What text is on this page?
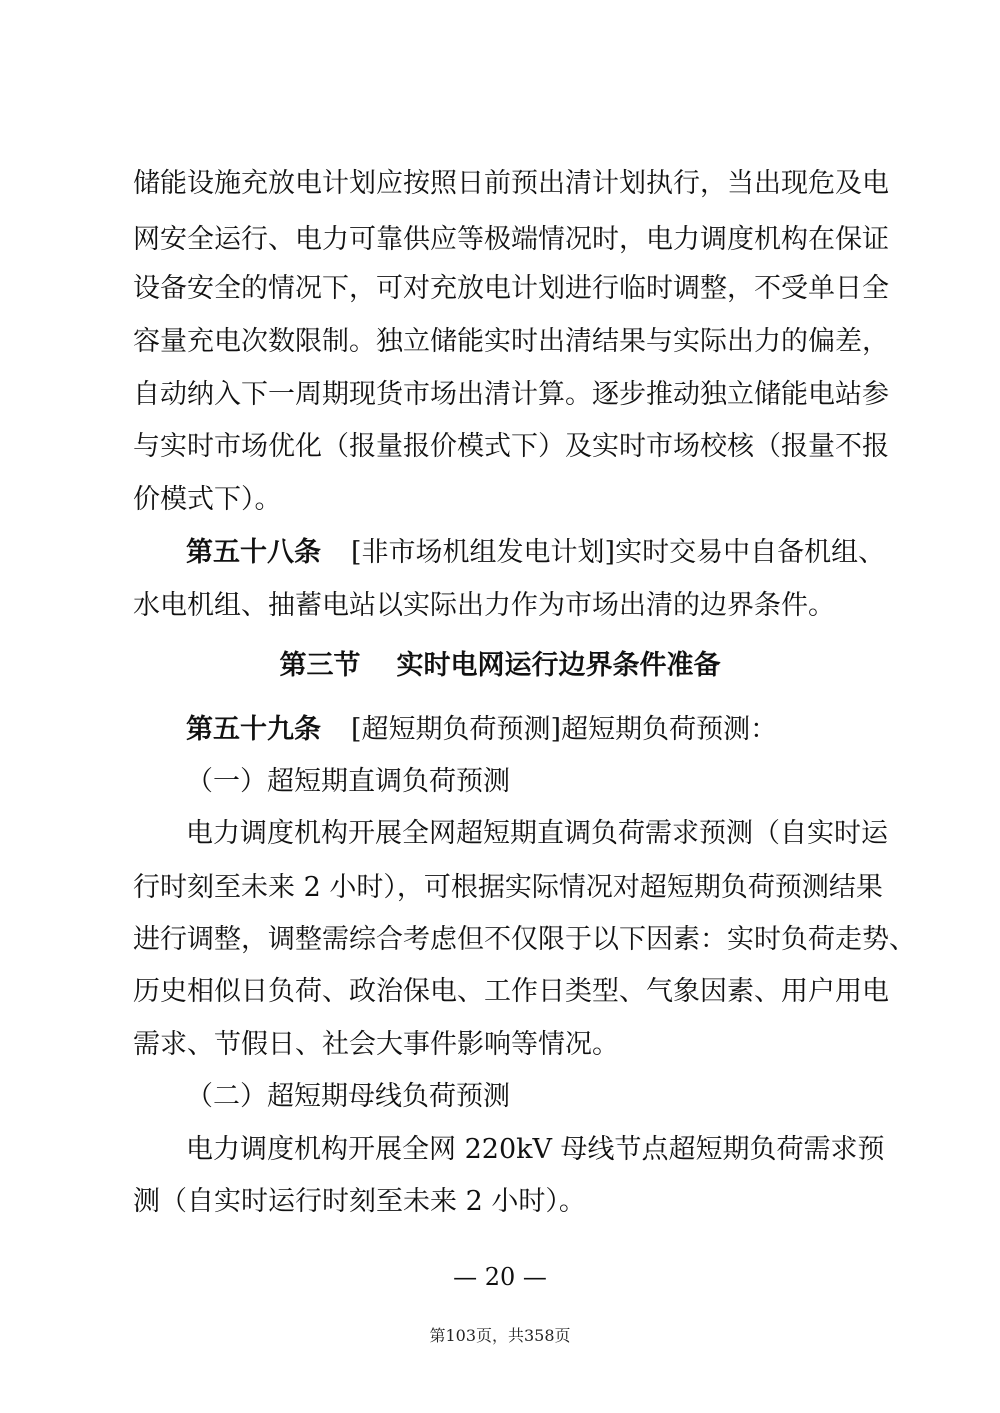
储能设施充放电计划应按照日前预出清计划执行，当出现危及电
网安全运行、电力可靠供应等极端情况时，电力调度机构在保证
设备安全的情况下，可对充放电计划进行临时调整，不受单日全
容量充电次数限制。独立储能实时出清结果与实际出力的偏差，
自动纳入下一周期现货市场出清计算。逐步推动独立储能电站参
与实时市场优化（报量报价模式下）及实时市场校核（报量不报
价模式下）。
第五十八条 [非市场机组发电计划]实时交易中自备机组、
水电机组、抽蓄电站以实际出力作为市场出清的边界条件。
第三节 实时电网运行边界条件准备
第五十九条 [超短期负荷预测]超短期负荷预测：
（一）超短期直调负荷预测
电力调度机构开展全网超短期直调负荷需求预测（自实时运
行时刻至未来 2 小时），可根据实际情况对超短期负荷预测结果
进行调整，调整需综合考虑但不仅限于以下因素：实时负荷走势、
历史相似日负荷、政治保电、工作日类型、气象因素、用户用电
需求、节假日、社会大事件影响等情况。
（二）超短期母线负荷预测
电力调度机构开展全网 220kV 母线节点超短期负荷需求预
测（自实时运行时刻至未来 2 小时）。
— 20 —
第103页，共358页
